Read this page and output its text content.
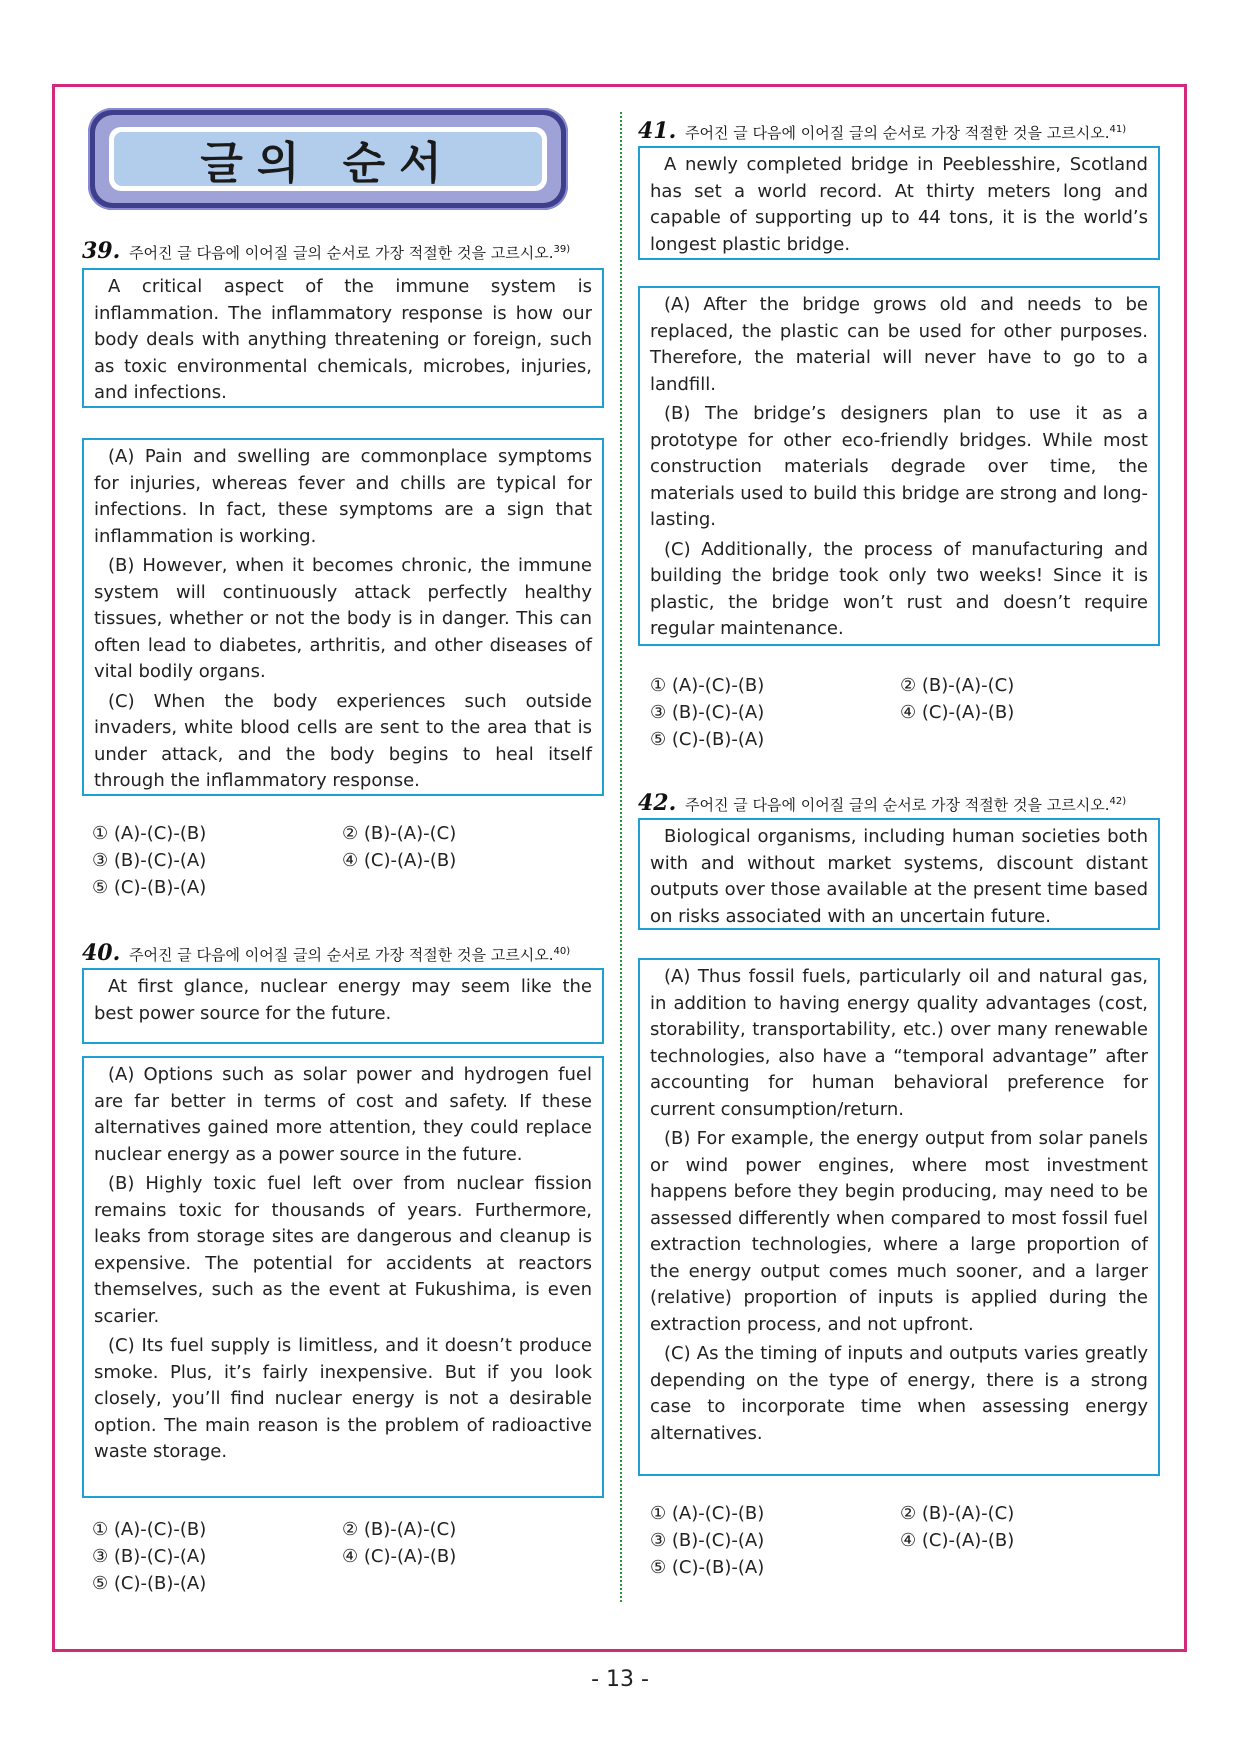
글의 순서
39. 주어진 글 다음에 이어질 글의 순서로 가장 적절한 것을 고르시오.$^{39)}$

A critical aspect of the immune system is inflammation. The inflammatory response is how our body deals with anything threatening or foreign, such as toxic environmental chemicals, microbes, injuries, and infections.

(A) Pain and swelling are commonplace symptoms for injuries, whereas fever and chills are typical for infections. In fact, these symptoms are a sign that inflammation is working.

(B) However, when it becomes chronic, the immune system will continuously attack perfectly healthy tissues, whether or not the body is in danger. This can often lead to diabetes, arthritis, and other diseases of vital bodily organs.

(C) When the body experiences such outside invaders, white blood cells are sent to the area that is under attack, and the body begins to heal itself through the inflammatory response.

① (A)-(C)-(B)	② (B)-(A)-(C)
③ (B)-(C)-(A)	④ (C)-(A)-(B)
⑤ (C)-(B)-(A)
40. 주어진 글 다음에 이어질 글의 순서로 가장 적절한 것을 고르시오.$^{40)}$

At first glance, nuclear energy may seem like the best power source for the future.

(A) Options such as solar power and hydrogen fuel are far better in terms of cost and safety. If these alternatives gained more attention, they could replace nuclear energy as a power source in the future.

(B) Highly toxic fuel left over from nuclear fission remains toxic for thousands of years. Furthermore, leaks from storage sites are dangerous and cleanup is expensive. The potential for accidents at reactors themselves, such as the event at Fukushima, is even scarier.

(C) Its fuel supply is limitless, and it doesn’t produce smoke. Plus, it’s fairly inexpensive. But if you look closely, you’ll find nuclear energy is not a desirable option. The main reason is the problem of radioactive waste storage.

① (A)-(C)-(B)	② (B)-(A)-(C)
③ (B)-(C)-(A)	④ (C)-(A)-(B)
⑤ (C)-(B)-(A)
41. 주어진 글 다음에 이어질 글의 순서로 가장 적절한 것을 고르시오.$^{41)}$

A newly completed bridge in Peeblesshire, Scotland has set a world record. At thirty meters long and capable of supporting up to 44 tons, it is the world’s longest plastic bridge.

(A) After the bridge grows old and needs to be replaced, the plastic can be used for other purposes. Therefore, the material will never have to go to a landfill.

(B) The bridge’s designers plan to use it as a prototype for other eco-friendly bridges. While most construction materials degrade over time, the materials used to build this bridge are strong and long-lasting.

(C) Additionally, the process of manufacturing and building the bridge took only two weeks! Since it is plastic, the bridge won’t rust and doesn’t require regular maintenance.

① (A)-(C)-(B)	② (B)-(A)-(C)
③ (B)-(C)-(A)	④ (C)-(A)-(B)
⑤ (C)-(B)-(A)
42. 주어진 글 다음에 이어질 글의 순서로 가장 적절한 것을 고르시오.$^{42)}$

Biological organisms, including human societies both with and without market systems, discount distant outputs over those available at the present time based on risks associated with an uncertain future.

(A) Thus fossil fuels, particularly oil and natural gas, in addition to having energy quality advantages (cost, storability, transportability, etc.) over many renewable technologies, also have a “temporal advantage” after accounting for human behavioral preference for current consumption/return.

(B) For example, the energy output from solar panels or wind power engines, where most investment happens before they begin producing, may need to be assessed differently when compared to most fossil fuel extraction technologies, where a large proportion of the energy output comes much sooner, and a larger (relative) proportion of inputs is applied during the extraction process, and not upfront.

(C) As the timing of inputs and outputs varies greatly depending on the type of energy, there is a strong case to incorporate time when assessing energy alternatives.

① (A)-(C)-(B)	② (B)-(A)-(C)
③ (B)-(C)-(A)	④ (C)-(A)-(B)
⑤ (C)-(B)-(A)
- 13 -
